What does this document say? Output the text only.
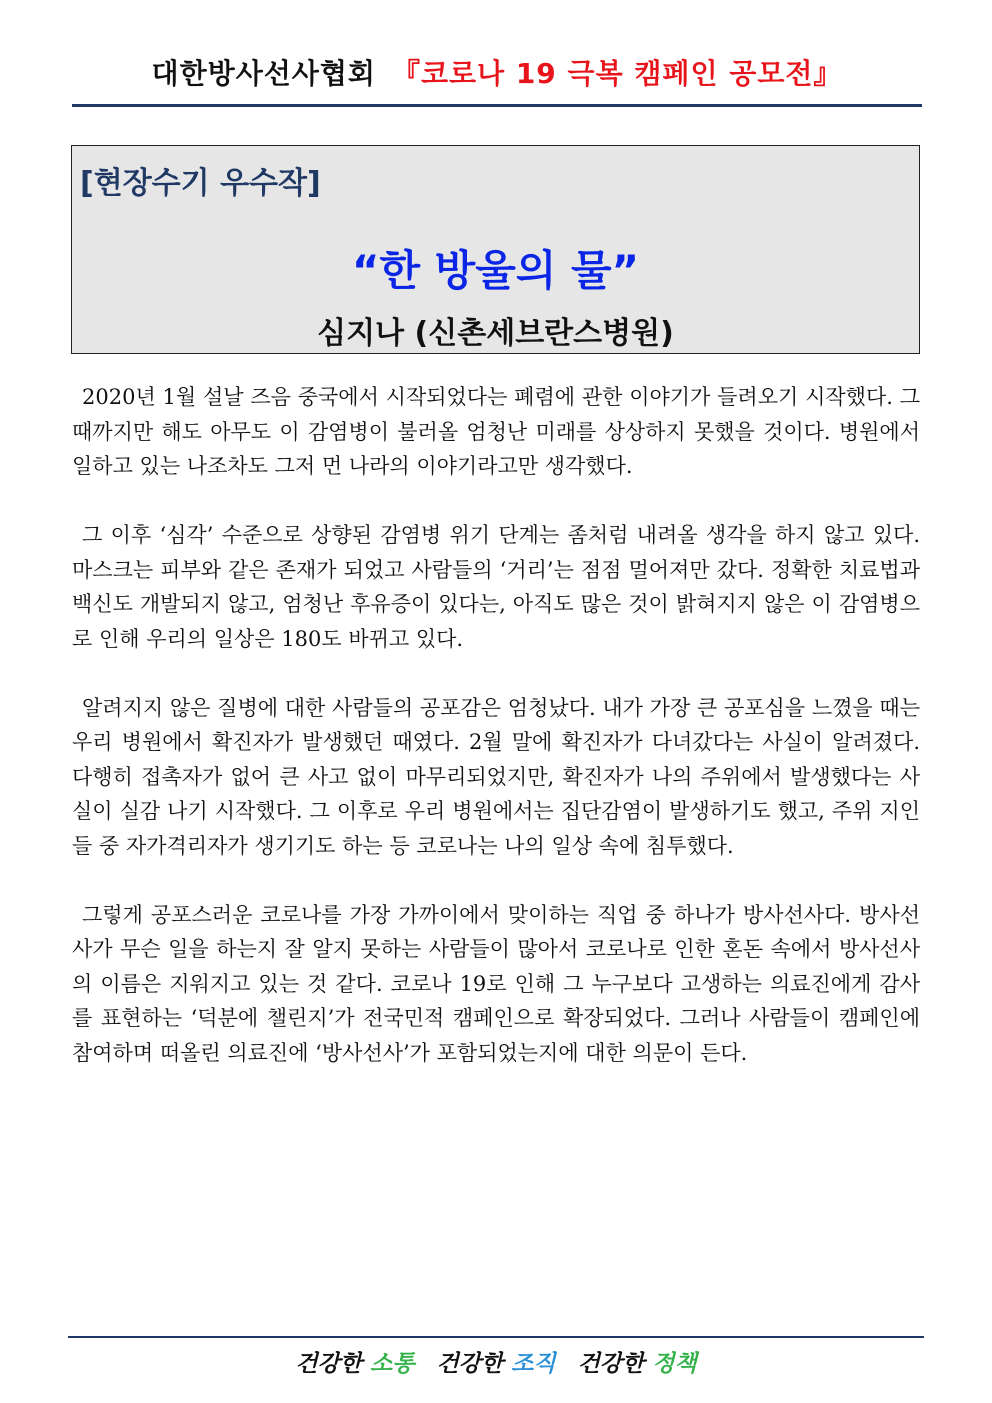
대한방사선사협회 『코로나 19 극복 캠페인 공모전』
[현장수기 우수작]
“한 방울의 물”
심지나 (신촌세브란스병원)

2020년 1월 설날 즈음 중국에서 시작되었다는 폐렴에 관한 이야기가 들려오기 시작했다. 그때까지만 해도 아무도 이 감염병이 불러올 엄청난 미래를 상상하지 못했을 것이다. 병원에서 일하고 있는 나조차도 그저 먼 나라의 이야기라고만 생각했다.

그 이후 ‘심각’ 수준으로 상향된 감염병 위기 단계는 좀처럼 내려올 생각을 하지 않고 있다. 마스크는 피부와 같은 존재가 되었고 사람들의 ‘거리’는 점점 멀어져만 갔다. 정확한 치료법과 백신도 개발되지 않고, 엄청난 후유증이 있다는, 아직도 많은 것이 밝혀지지 않은 이 감염병으로 인해 우리의 일상은 180도 바뀌고 있다.

알려지지 않은 질병에 대한 사람들의 공포감은 엄청났다. 내가 가장 큰 공포심을 느꼈을 때는 우리 병원에서 확진자가 발생했던 때였다. 2월 말에 확진자가 다녀갔다는 사실이 알려졌다. 다행히 접촉자가 없어 큰 사고 없이 마무리되었지만, 확진자가 나의 주위에서 발생했다는 사실이 실감 나기 시작했다. 그 이후로 우리 병원에서는 집단감염이 발생하기도 했고, 주위 지인들 중 자가격리자가 생기기도 하는 등 코로나는 나의 일상 속에 침투했다.

그렇게 공포스러운 코로나를 가장 가까이에서 맞이하는 직업 중 하나가 방사선사다. 방사선사가 무슨 일을 하는지 잘 알지 못하는 사람들이 많아서 코로나로 인한 혼돈 속에서 방사선사의 이름은 지워지고 있는 것 같다. 코로나 19로 인해 그 누구보다 고생하는 의료진에게 감사를 표현하는 ‘덕분에 챌린지’가 전국민적 캠페인으로 확장되었다. 그러나 사람들이 캠페인에 참여하며 떠올린 의료진에 ‘방사선사’가 포함되었는지에 대한 의문이 든다.

건강한 소통 건강한 조직 건강한 정책
